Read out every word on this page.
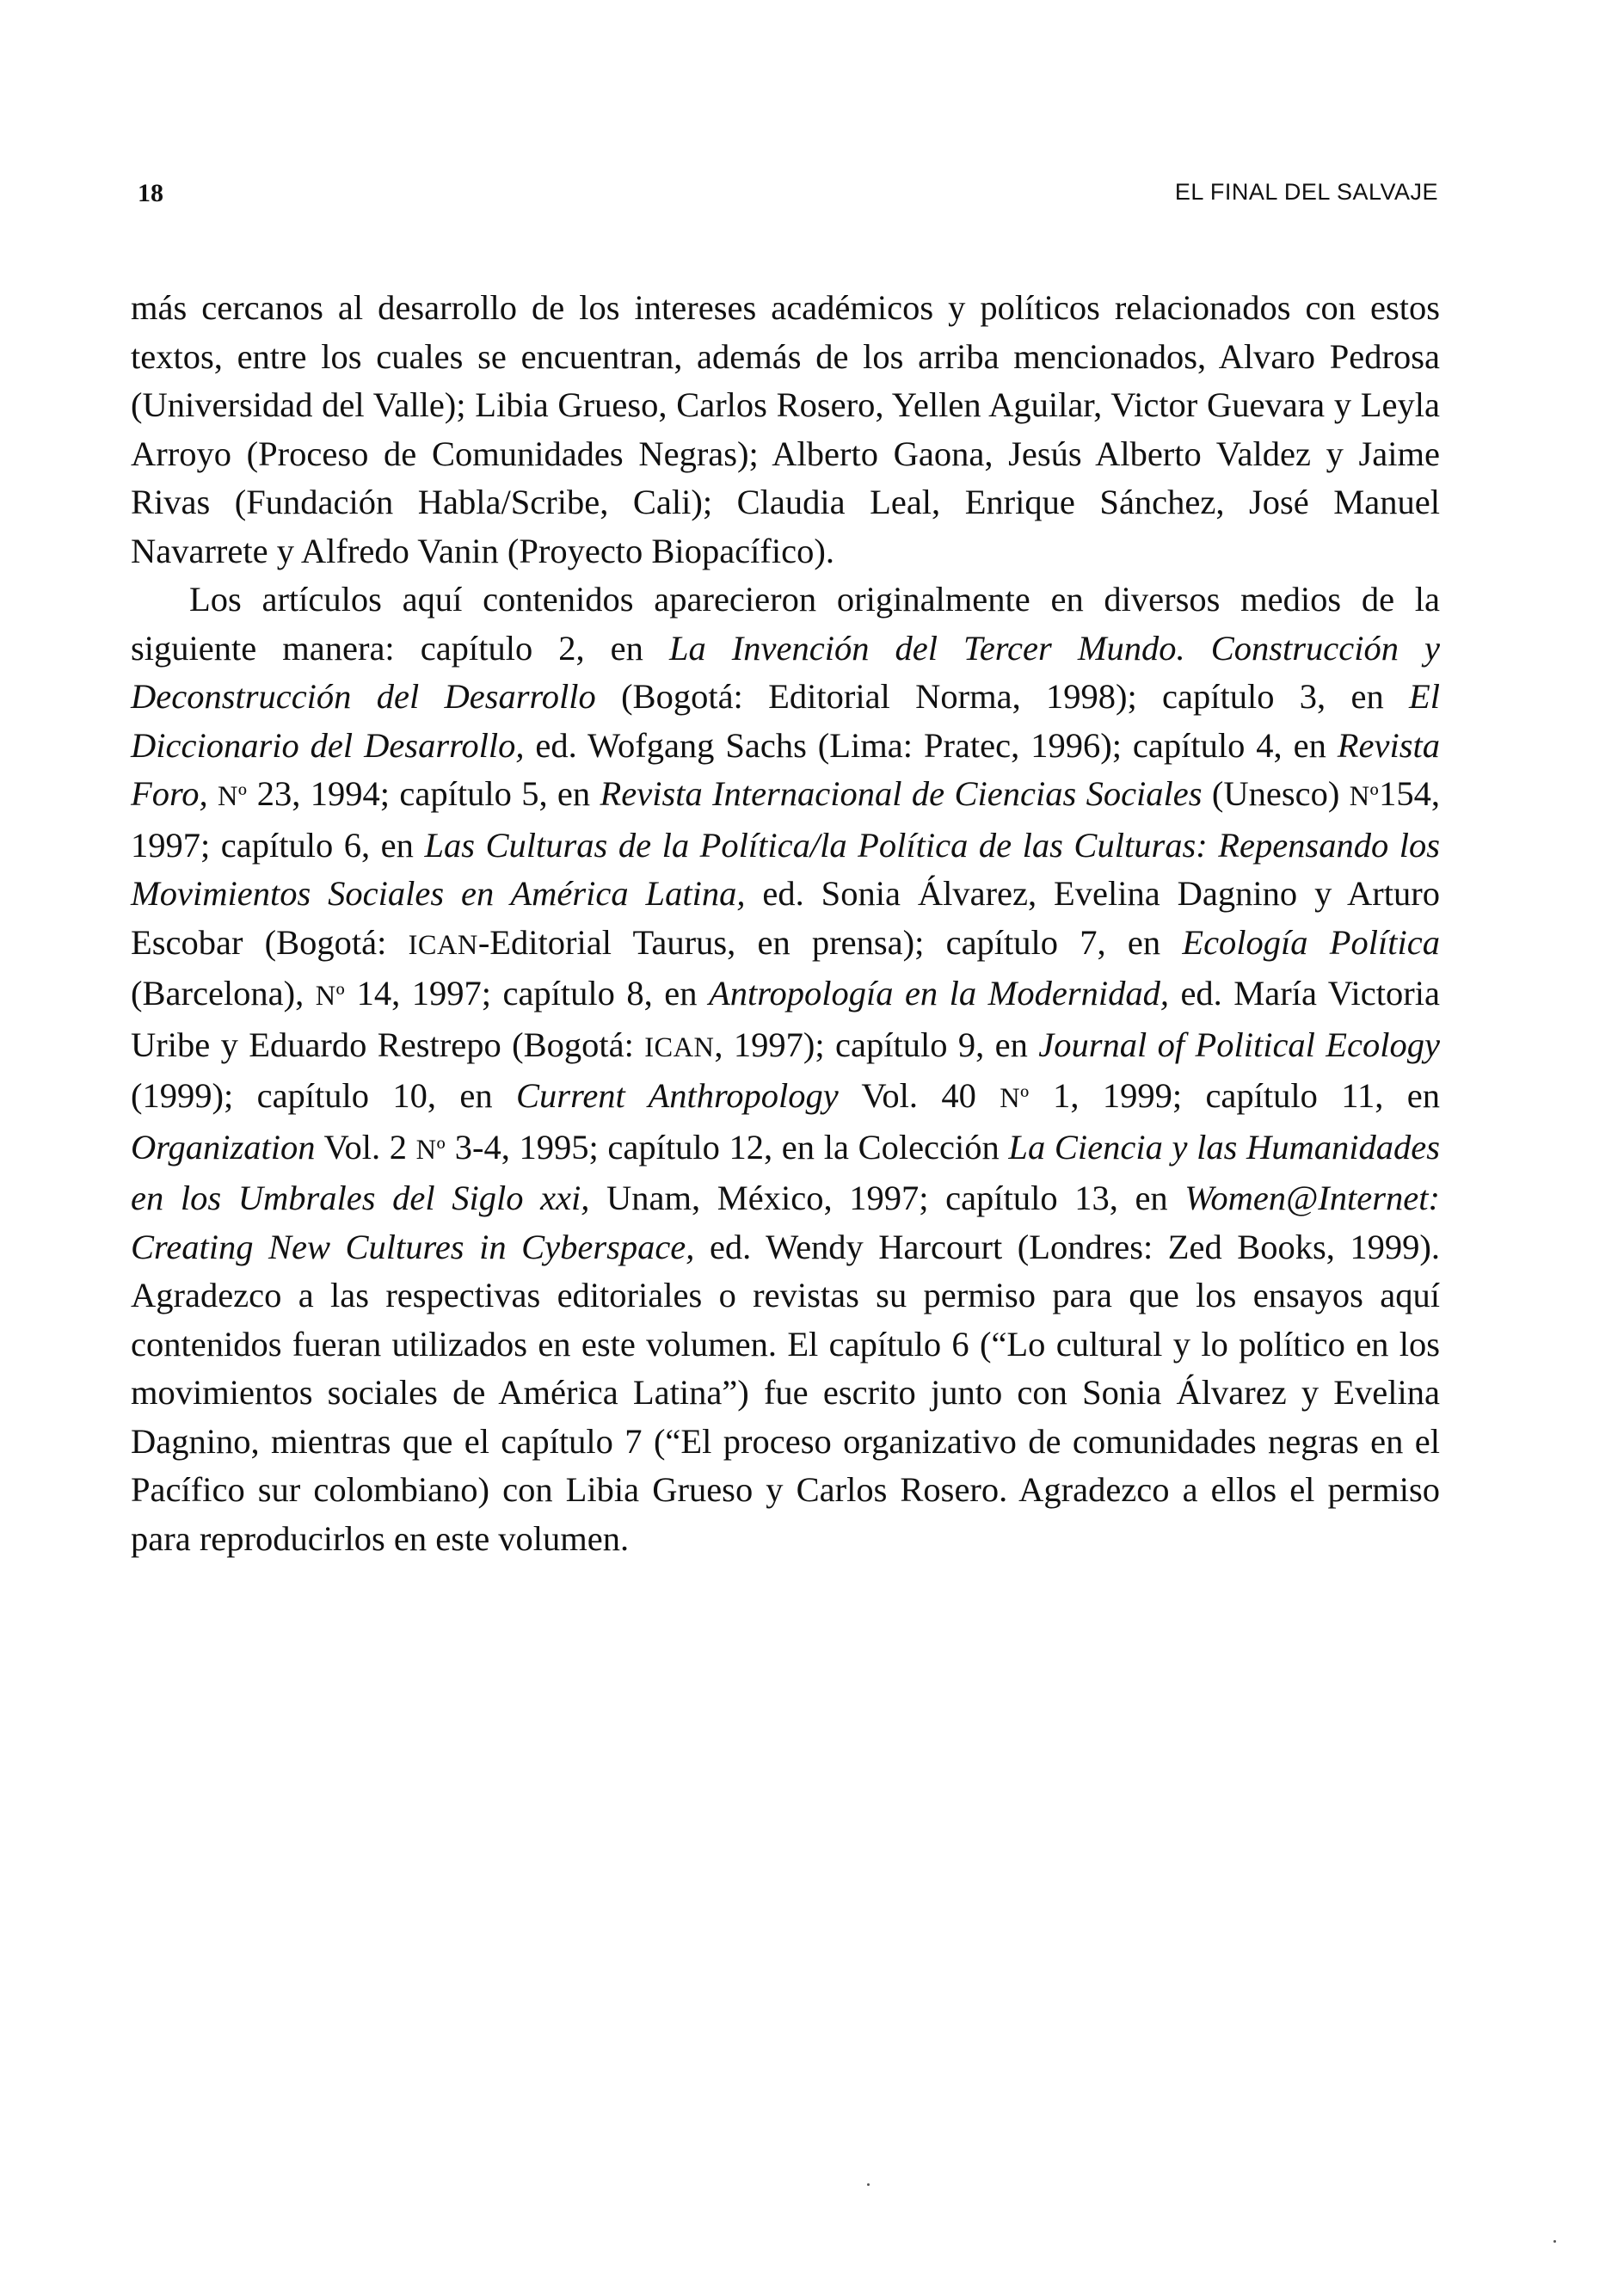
18	EL FINAL DEL SALVAJE

más cercanos al desarrollo de los intereses académicos y políticos relacionados con estos textos, entre los cuales se encuentran, además de los arriba mencionados, Alvaro Pedrosa (Universidad del Valle); Libia Grueso, Carlos Rosero, Yellen Aguilar, Victor Guevara y Leyla Arroyo (Proceso de Comunidades Negras); Alberto Gaona, Jesús Alberto Valdez y Jaime Rivas (Fundación Habla/Scribe, Cali); Claudia Leal, Enrique Sánchez, José Manuel Navarrete y Alfredo Vanin (Proyecto Biopacífico).

Los artículos aquí contenidos aparecieron originalmente en diversos medios de la siguiente manera: capítulo 2, en La Invención del Tercer Mundo. Construcción y Deconstrucción del Desarrollo (Bogotá: Editorial Norma, 1998); capítulo 3, en El Diccionario del Desarrollo, ed. Wofgang Sachs (Lima: Pratec, 1996); capítulo 4, en Revista Foro, Nº 23, 1994; capítulo 5, en Revista Internacional de Ciencias Sociales (Unesco) Nº154, 1997; capítulo 6, en Las Culturas de la Política/la Política de las Culturas: Repensando los Movimientos Sociales en América Latina, ed. Sonia Álvarez, Evelina Dagnino y Arturo Escobar (Bogotá: ICAN-Editorial Taurus, en prensa); capítulo 7, en Ecología Política (Barcelona), Nº 14, 1997; capítulo 8, en Antropología en la Modernidad, ed. María Victoria Uribe y Eduardo Restrepo (Bogotá: ICAN, 1997); capítulo 9, en Journal of Political Ecology (1999); capítulo 10, en Current Anthropology Vol. 40 Nº 1, 1999; capítulo 11, en Organization Vol. 2 Nº 3-4, 1995; capítulo 12, en la Colección La Ciencia y las Humanidades en los Umbrales del Siglo xxi, Unam, México, 1997; capítulo 13, en Women@Internet: Creating New Cultures in Cyberspace, ed. Wendy Harcourt (Londres: Zed Books, 1999). Agradezco a las respectivas editoriales o revistas su permiso para que los ensayos aquí contenidos fueran utilizados en este volumen. El capítulo 6 (“Lo cultural y lo político en los movimientos sociales de América Latina”) fue escrito junto con Sonia Álvarez y Evelina Dagnino, mientras que el capítulo 7 (“El proceso organizativo de comunidades negras en el Pacífico sur colombiano) con Libia Grueso y Carlos Rosero. Agradezco a ellos el permiso para reproducirlos en este volumen.
